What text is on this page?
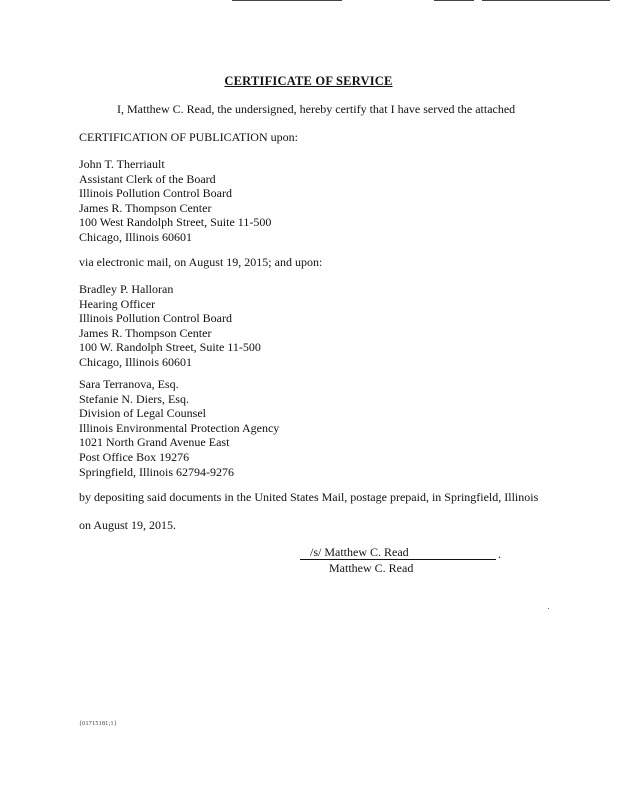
CERTIFICATE OF SERVICE
I, Matthew C. Read, the undersigned, hereby certify that I have served the attached
CERTIFICATION OF PUBLICATION upon:
John T. Therriault
Assistant Clerk of the Board
Illinois Pollution Control Board
James R. Thompson Center
100 West Randolph Street, Suite 11-500
Chicago, Illinois 60601
via electronic mail, on August 19, 2015; and upon:
Bradley P. Halloran
Hearing Officer
Illinois Pollution Control Board
James R. Thompson Center
100 W. Randolph Street, Suite 11-500
Chicago, Illinois 60601
Sara Terranova, Esq.
Stefanie N. Diers, Esq.
Division of Legal Counsel
Illinois Environmental Protection Agency
1021 North Grand Avenue East
Post Office Box 19276
Springfield, Illinois 62794-9276
by depositing said documents in the United States Mail, postage prepaid, in Springfield, Illinois
on August 19, 2015.
/s/ Matthew C. Read	.
Matthew C. Read
{01715181;1}
